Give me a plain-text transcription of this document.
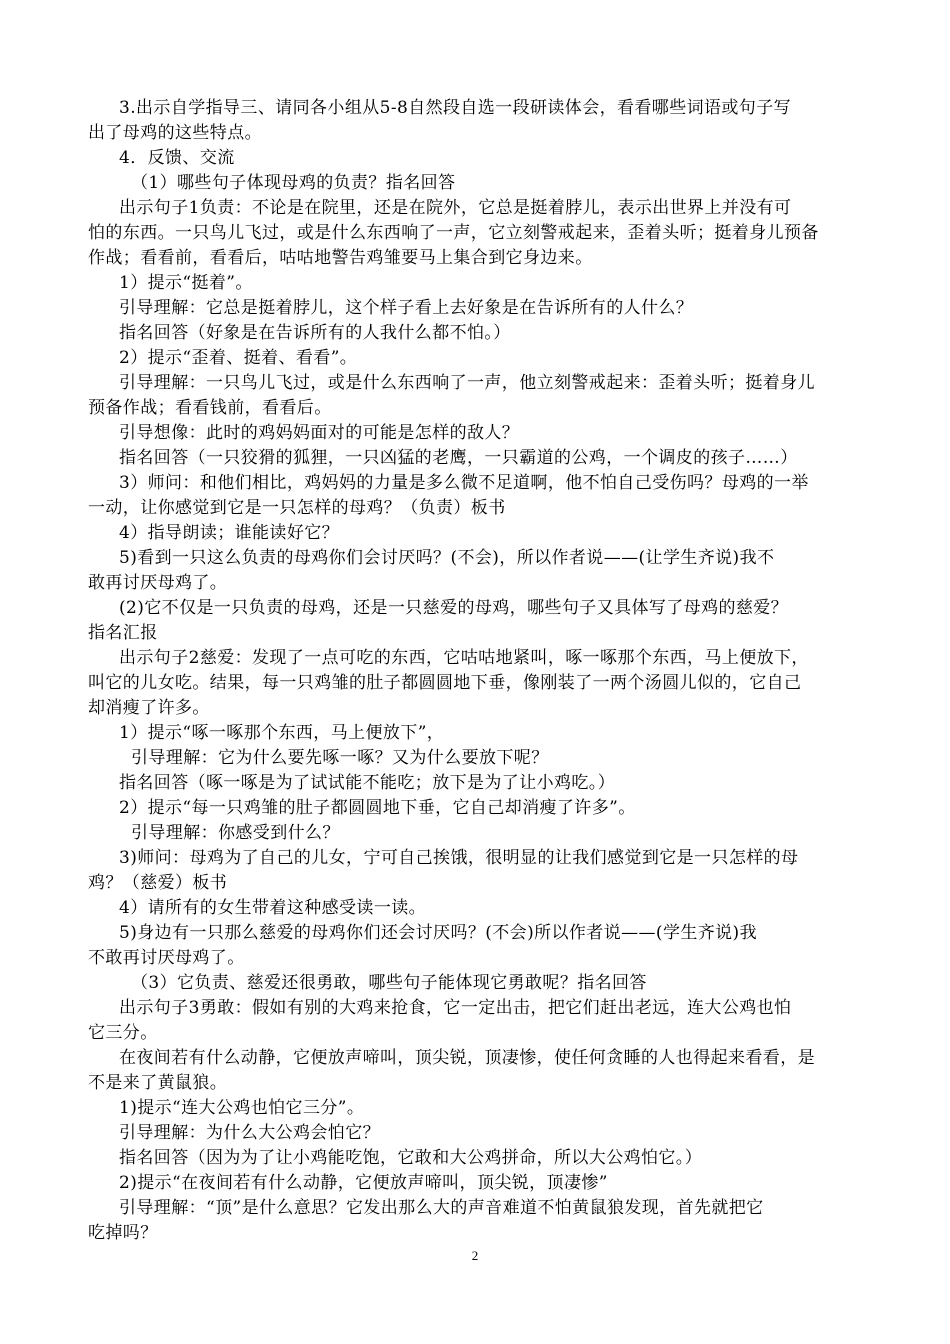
3.出示自学指导三、请同各小组从5-8自然段自选一段研读体会，看看哪些词语或句子写
出了母鸡的这些特点。
4．反馈、交流
（1）哪些句子体现母鸡的负责？指名回答
出示句子1负责：不论是在院里，还是在院外，它总是挺着脖儿，表示出世界上并没有可
怕的东西。一只鸟儿飞过，或是什么东西响了一声，它立刻警戒起来，歪着头听；挺着身儿预备
作战；看看前，看看后，咕咕地警告鸡雏要马上集合到它身边来。
1）提示“挺着”。
引导理解：它总是挺着脖儿，这个样子看上去好象是在告诉所有的人什么？
指名回答（好象是在告诉所有的人我什么都不怕。）
2）提示“歪着、挺着、看看”。
引导理解：一只鸟儿飞过，或是什么东西响了一声，他立刻警戒起来：歪着头听；挺着身儿
预备作战；看看钱前，看看后。
引导想像：此时的鸡妈妈面对的可能是怎样的敌人？
指名回答（一只狡猾的狐狸，一只凶猛的老鹰，一只霸道的公鸡，一个调皮的孩子……）
3）师问：和他们相比，鸡妈妈的力量是多么微不足道啊，他不怕自己受伤吗？母鸡的一举
一动，让你感觉到它是一只怎样的母鸡？（负责）板书
4）指导朗读；谁能读好它？
5)看到一只这么负责的母鸡你们会讨厌吗？(不会)，所以作者说——(让学生齐说)我不
敢再讨厌母鸡了。
(2)它不仅是一只负责的母鸡，还是一只慈爱的母鸡，哪些句子又具体写了母鸡的慈爱？
指名汇报
出示句子2慈爱：发现了一点可吃的东西，它咕咕地紧叫，啄一啄那个东西，马上便放下，
叫它的儿女吃。结果，每一只鸡雏的肚子都圆圆地下垂，像刚装了一两个汤圆儿似的，它自己
却消瘦了许多。
1）提示“啄一啄那个东西，马上便放下”，
引导理解：它为什么要先啄一啄？又为什么要放下呢？
指名回答（啄一啄是为了试试能不能吃；放下是为了让小鸡吃。）
2）提示“每一只鸡雏的肚子都圆圆地下垂，它自己却消瘦了许多”。
引导理解：你感受到什么？
3)师问：母鸡为了自己的儿女，宁可自己挨饿，很明显的让我们感觉到它是一只怎样的母
鸡？（慈爱）板书
4）请所有的女生带着这种感受读一读。
5)身边有一只那么慈爱的母鸡你们还会讨厌吗？(不会)所以作者说——(学生齐说)我
不敢再讨厌母鸡了。
（3）它负责、慈爱还很勇敢，哪些句子能体现它勇敢呢？指名回答
出示句子3勇敢：假如有别的大鸡来抢食，它一定出击，把它们赶出老远，连大公鸡也怕
它三分。
在夜间若有什么动静，它便放声啼叫，顶尖锐，顶凄惨，使任何贪睡的人也得起来看看，是
不是来了黄鼠狼。
1)提示“连大公鸡也怕它三分”。
引导理解：为什么大公鸡会怕它？
指名回答（因为为了让小鸡能吃饱，它敢和大公鸡拼命，所以大公鸡怕它。）
2)提示“在夜间若有什么动静，它便放声啼叫，顶尖锐，顶凄惨”
引导理解：“顶”是什么意思？它发出那么大的声音难道不怕黄鼠狼发现，首先就把它
吃掉吗？
2
